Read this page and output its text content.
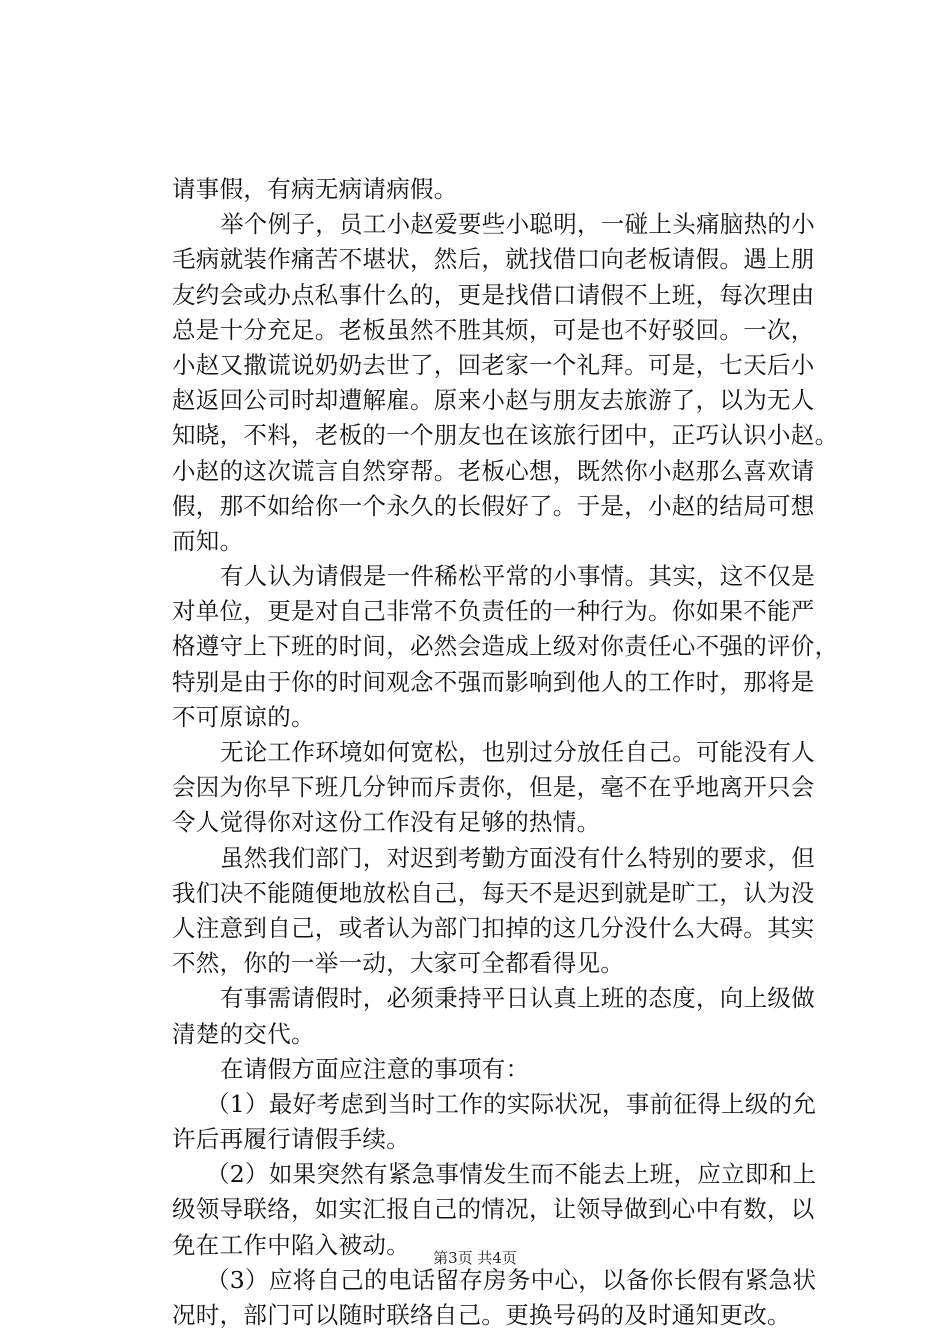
请事假，有病无病请病假。
举个例子，员工小赵爱要些小聪明，一碰上头痛脑热的小
毛病就装作痛苦不堪状，然后，就找借口向老板请假。遇上朋
友约会或办点私事什么的，更是找借口请假不上班，每次理由
总是十分充足。老板虽然不胜其烦，可是也不好驳回。一次，
小赵又撒谎说奶奶去世了，回老家一个礼拜。可是，七天后小
赵返回公司时却遭解雇。原来小赵与朋友去旅游了，以为无人
知晓，不料，老板的一个朋友也在该旅行团中，正巧认识小赵。
小赵的这次谎言自然穿帮。老板心想，既然你小赵那么喜欢请
假，那不如给你一个永久的长假好了。于是，小赵的结局可想
而知。
有人认为请假是一件稀松平常的小事情。其实，这不仅是
对单位，更是对自己非常不负责任的一种行为。你如果不能严
格遵守上下班的时间，必然会造成上级对你责任心不强的评价，
特别是由于你的时间观念不强而影响到他人的工作时，那将是
不可原谅的。
无论工作环境如何宽松，也别过分放任自己。可能没有人
会因为你早下班几分钟而斥责你，但是，毫不在乎地离开只会
令人觉得你对这份工作没有足够的热情。
虽然我们部门，对迟到考勤方面没有什么特别的要求，但
我们决不能随便地放松自己，每天不是迟到就是旷工，认为没
人注意到自己，或者认为部门扣掉的这几分没什么大碍。其实
不然，你的一举一动，大家可全都看得见。
有事需请假时，必须秉持平日认真上班的态度，向上级做
清楚的交代。
在请假方面应注意的事项有：
（1）最好考虑到当时工作的实际状况，事前征得上级的允
许后再履行请假手续。
（2）如果突然有紧急事情发生而不能去上班，应立即和上
级领导联络，如实汇报自己的情况，让领导做到心中有数，以
免在工作中陷入被动。
（3）应将自己的电话留存房务中心，以备你长假有紧急状
况时，部门可以随时联络自己。更换号码的及时通知更改。
第3页 共4页
